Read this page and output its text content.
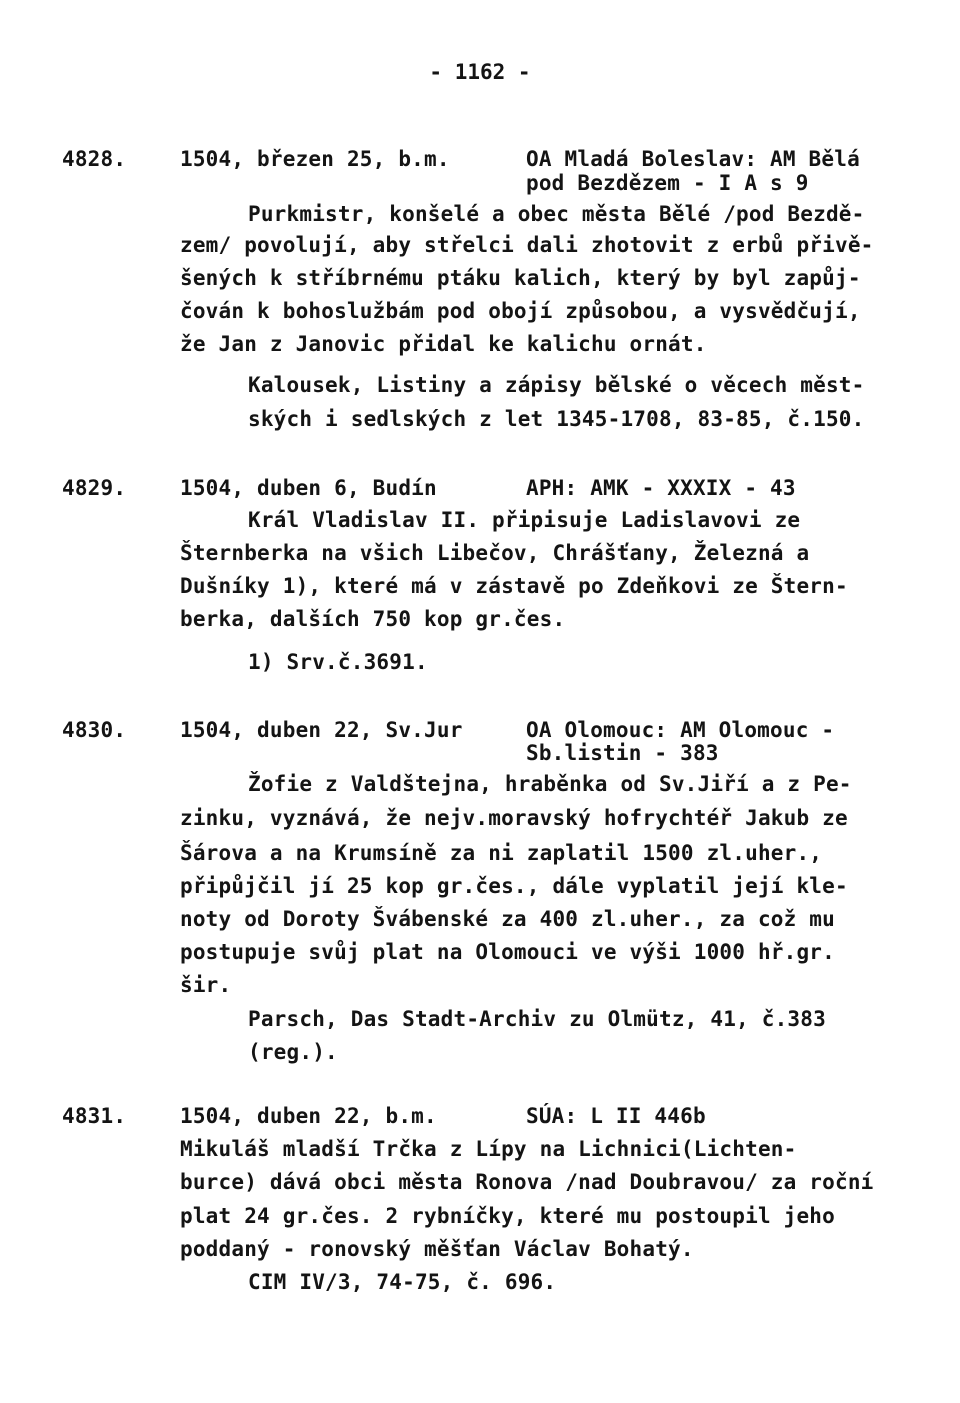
- 1162 -
4828.	1504, březen 25, b.m.	OA Mladá Boleslav: AM Bělá
pod Bezdězem - I A s 9
Purkmistr, konšelé a obec města Bělé /pod Bezdě-
zem/ povolují, aby střelci dali zhotovit z erbů přivě-
šených k stříbrnému ptáku kalich, který by byl zapůj-
čován k bohoslužbám pod obojí způsobou, a vysvědčují,
že Jan z Janovic přidal ke kalichu ornát.
Kalousek, Listiny a zápisy bělské o věcech měst-
ských i sedlských z let 1345-1708, 83-85, č.150.
4829.	1504, duben 6, Budín	APH: AMK - XXXIX - 43
Král Vladislav II. připisuje Ladislavovi ze
Šternberka na všich Libečov, Chrášťany, Železná a
Dušníky 1), které má v zástavě po Zdeňkovi ze Štern-
berka, dalších 750 kop gr.čes.
1) Srv.č.3691.
4830.	1504, duben 22, Sv.Jur	OA Olomouc: AM Olomouc -
Sb.listin - 383
Žofie z Valdštejna, hraběnka od Sv.Jiří a z Pe-
zinku, vyznává, že nejv.moravský hofrychtéř Jakub ze
Šárova a na Krumsíně za ni zaplatil 1500 zl.uher.,
připůjčil jí 25 kop gr.čes., dále vyplatil její kle-
noty od Doroty Švábenské za 400 zl.uher., za což mu
postupuje svůj plat na Olomouci ve výši 1000 hř.gr.
šir.
Parsch, Das Stadt-Archiv zu Olmütz, 41, č.383
(reg.).
4831.	1504, duben 22, b.m.	SÚA: L II 446b
Mikuláš mladší Trčka z Lípy na Lichnici(Lichten-
burce) dává obci města Ronova /nad Doubravou/ za roční
plat 24 gr.čes. 2 rybníčky, které mu postoupil jeho
poddaný - ronovský měšťan Václav Bohatý.
CIM IV/3, 74-75, č. 696.
